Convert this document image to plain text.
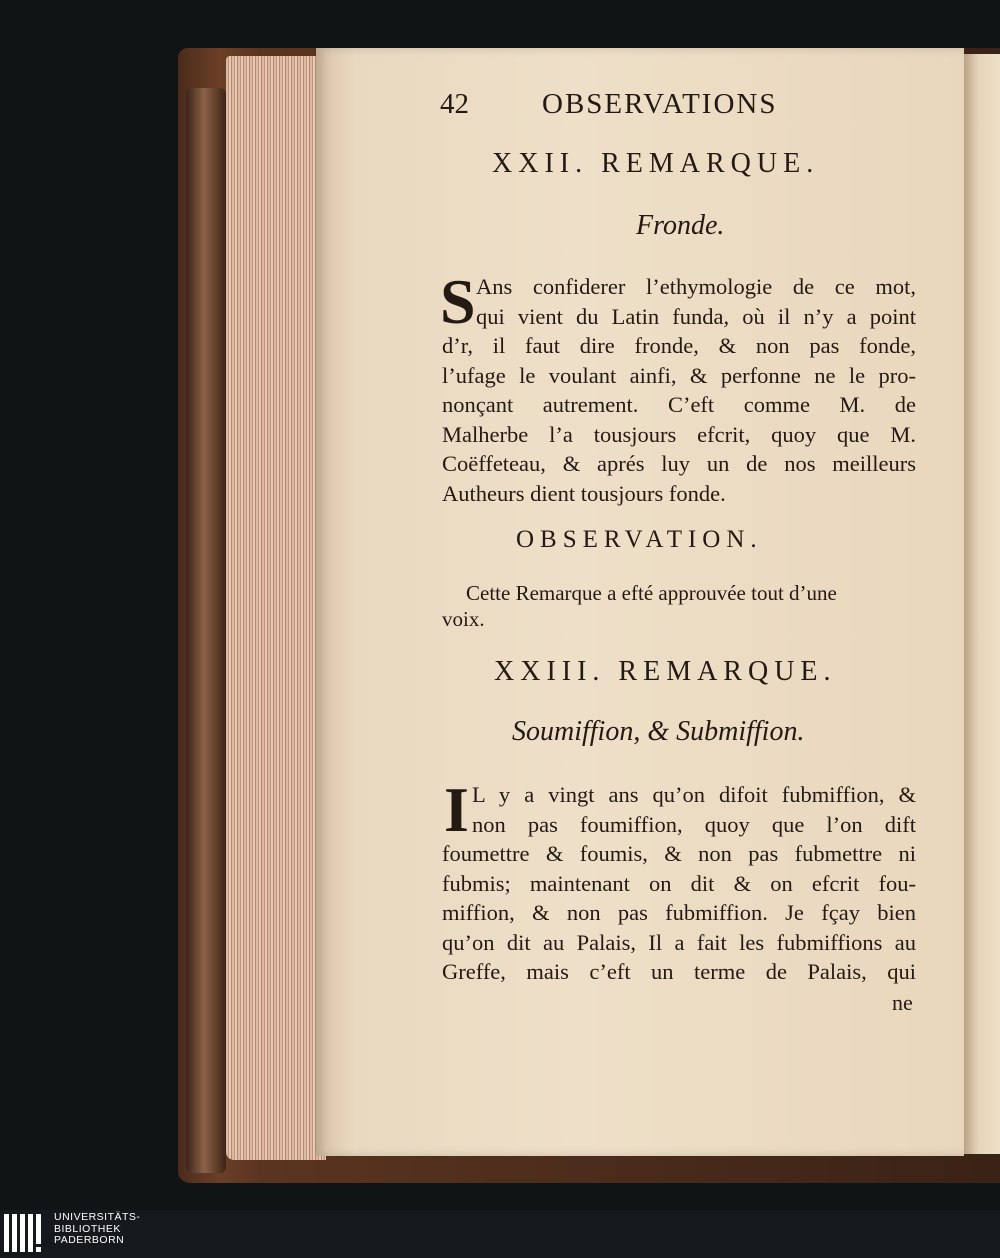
42	OBSERVATIONS
XXII. REMARQUE.
Fronde.
S Ans confiderer l’ethymologie de ce mot,
qui vient du Latin funda, où il n’y a point
d’r, il faut dire fronde, & non pas fonde,
l’ufage le voulant ainfi, & perfonne ne le pro-
nonçant autrement. C’eft comme M. de
Malherbe l’a tousjours efcrit, quoy que M.
Coëffeteau, & aprés luy un de nos meilleurs
Autheurs dient tousjours fonde.
OBSERVATION.
Cette Remarque a efté approuvée tout d’une
voix.
XXIII. REMARQUE.
Soumiffion, & Submiffion.
I L y a vingt ans qu’on difoit fubmiffion, &
non pas foumiffion, quoy que l’on dift
foumettre & foumis, & non pas fubmettre ni
fubmis; maintenant on dit & on efcrit fou-
miffion, & non pas fubmiffion. Je fçay bien
qu’on dit au Palais, Il a fait les fubmiffions au
Greffe, mais c’eft un terme de Palais, qui
ne
UNIVERSITÄTS-
BIBLIOTHEK
PADERBORN
